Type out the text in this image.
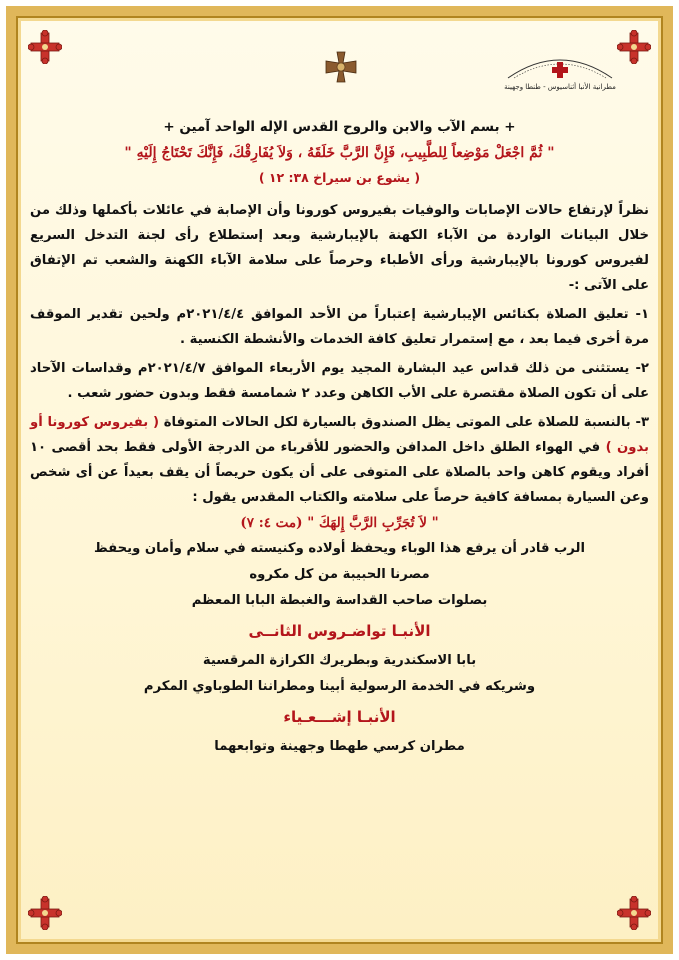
مطرانية الأنبا أثناسيوس - طنطا وجهينة

+ بسم الآب والابن والروح القدس الإله الواحد آمين +

" ثُمَّ اجْعَلْ مَوْضِعاً لِلطَّبِيبِ، فَإِنَّ الرَّبَّ خَلَقَهُ ، وَلاَ يُفَارِقْكَ، فَإِنَّكَ تَحْتَاجُ إِلَيْهِ "

( يشوع بن سيراخ ٣٨: ١٢ )

نظراً لإرتفاع حالات الإصابات والوفيات بفيروس كورونا وأن الإصابة في عائلات بأكملها وذلك من خلال البيانات الواردة من الآباء الكهنة بالإيبارشية وبعد إستطلاع رأى لجنة التدخل السريع لفيروس كورونا بالإيبارشية ورأى الأطباء وحرصاً على سلامة الآباء الكهنة والشعب تم الإتفاق على الآتى :-

١- تعليق الصلاة بكنائس الإيبارشية إعتباراً من الأحد الموافق ٢٠٢١/٤/٤م ولحين تقدير الموقف مرة أخرى فيما بعد ، مع إستمرار تعليق كافة الخدمات والأنشطة الكنسية .

٢- يستثنى من ذلك قداس عيد البشارة المجيد يوم الأربعاء الموافق ٢٠٢١/٤/٧م وقداسات الآحاد على أن تكون الصلاة مقتصرة على الأب الكاهن وعدد ٢ شمامسة فقط وبدون حضور شعب .

٣- بالنسبة للصلاة على الموتى يظل الصندوق بالسيارة لكل الحالات المتوفاة ( بفيروس كورونا أو بدون ) في الهواء الطلق داخل المدافن والحضور للأقرباء من الدرجة الأولى فقط بحد أقصى ١٠ أفراد ويقوم كاهن واحد بالصلاة على المتوفى على أن يكون حريصاً أن يقف بعيداً عن أى شخص وعن السيارة بمسافة كافية حرصاً على سلامته والكتاب المقدس يقول :

" لاَ تُجَرِّبِ الرَّبَّ إِلهَكَ " (مت ٤: ٧)

الرب قادر أن يرفع هذا الوباء ويحفظ أولاده وكنيسته في سلام وأمان ويحفظ

مصرنا الحبيبة من كل مكروه

بصلوات صاحب القداسة والغبطة البابا المعظم

الأنبـا تواضـروس الثانــى

بابا الاسكندرية وبطريرك الكرازة المرقسية

وشريكه في الخدمة الرسولية أبينا ومطراننا الطوباوي المكرم

الأنبـا إشـــعـياء

مطران كرسي طهطا وجهينة وتوابعهما
